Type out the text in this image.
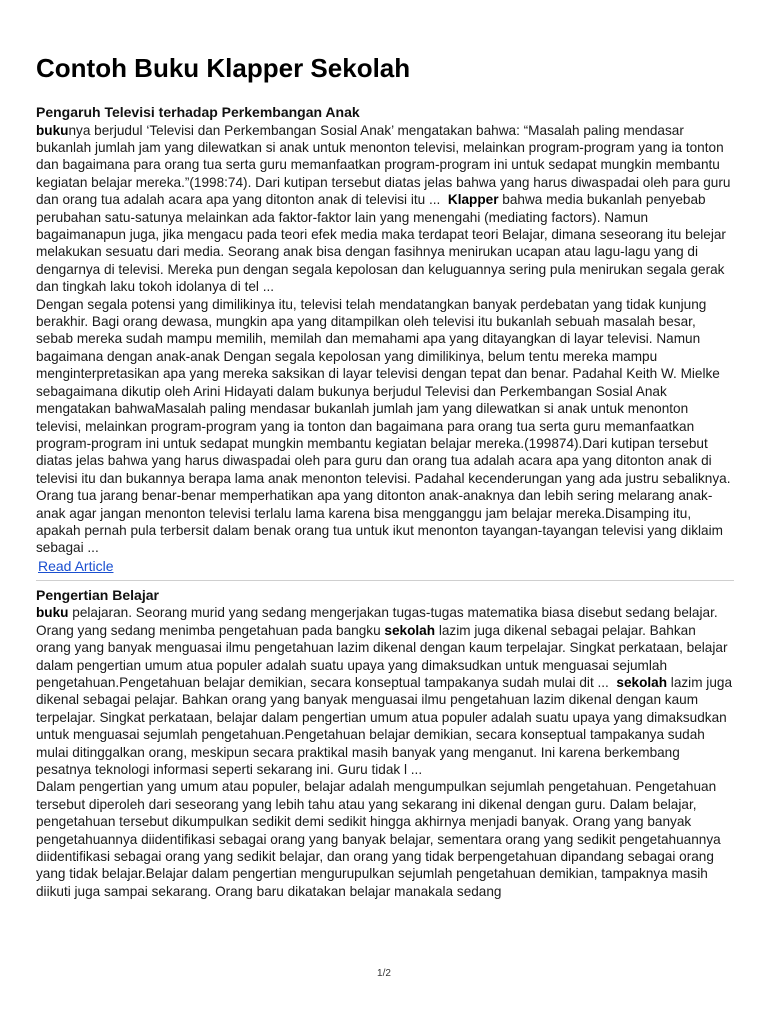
Contoh Buku Klapper Sekolah
Pengaruh Televisi terhadap Perkembangan Anak

bukunya berjudul ‘Televisi dan Perkembangan Sosial Anak’ mengatakan bahwa: “Masalah paling mendasar bukanlah jumlah jam yang dilewatkan si anak untuk menonton televisi, melainkan program-program yang ia tonton dan bagaimana para orang tua serta guru memanfaatkan program-program ini untuk sedapat mungkin membantu kegiatan belajar mereka.”(1998:74). Dari kutipan tersebut diatas jelas bahwa yang harus diwaspadai oleh para guru dan orang tua adalah acara apa yang ditonton anak di televisi itu ... Klapper bahwa media bukanlah penyebab perubahan satu-satunya melainkan ada faktor-faktor lain yang menengahi (mediating factors). Namun bagaimanapun juga, jika mengacu pada teori efek media maka terdapat teori Belajar, dimana seseorang itu belejar melakukan sesuatu dari media. Seorang anak bisa dengan fasihnya menirukan ucapan atau lagu-lagu yang di dengarnya di televisi. Mereka pun dengan segala kepolosan dan keluguannya sering pula menirukan segala gerak dan tingkah laku tokoh idolanya di tel ...

Dengan segala potensi yang dimilikinya itu, televisi telah mendatangkan banyak perdebatan yang tidak kunjung berakhir. Bagi orang dewasa, mungkin apa yang ditampilkan oleh televisi itu bukanlah sebuah masalah besar, sebab mereka sudah mampu memilih, memilah dan memahami apa yang ditayangkan di layar televisi. Namun bagaimana dengan anak-anak Dengan segala kepolosan yang dimilikinya, belum tentu mereka mampu menginterpretasikan apa yang mereka saksikan di layar televisi dengan tepat dan benar. Padahal Keith W. Mielke sebagaimana dikutip oleh Arini Hidayati dalam bukunya berjudul Televisi dan Perkembangan Sosial Anak mengatakan bahwaMasalah paling mendasar bukanlah jumlah jam yang dilewatkan si anak untuk menonton televisi, melainkan program-program yang ia tonton dan bagaimana para orang tua serta guru memanfaatkan program-program ini untuk sedapat mungkin membantu kegiatan belajar mereka.(199874).Dari kutipan tersebut diatas jelas bahwa yang harus diwaspadai oleh para guru dan orang tua adalah acara apa yang ditonton anak di televisi itu dan bukannya berapa lama anak menonton televisi. Padahal kecenderungan yang ada justru sebaliknya. Orang tua jarang benar-benar memperhatikan apa yang ditonton anak-anaknya dan lebih sering melarang anak-anak agar jangan menonton televisi terlalu lama karena bisa mengganggu jam belajar mereka.Disamping itu, apakah pernah pula terbersit dalam benak orang tua untuk ikut menonton tayangan-tayangan televisi yang diklaim sebagai ...

Read Article
Pengertian Belajar

buku pelajaran. Seorang murid yang sedang mengerjakan tugas-tugas matematika biasa disebut sedang belajar. Orang yang sedang menimba pengetahuan pada bangku sekolah lazim juga dikenal sebagai pelajar. Bahkan orang yang banyak menguasai ilmu pengetahuan lazim dikenal dengan kaum terpelajar. Singkat perkataan, belajar dalam pengertian umum atua populer adalah suatu upaya yang dimaksudkan untuk menguasai sejumlah pengetahuan.Pengetahuan belajar demikian, secara konseptual tampakanya sudah mulai dit ... sekolah lazim juga dikenal sebagai pelajar. Bahkan orang yang banyak menguasai ilmu pengetahuan lazim dikenal dengan kaum terpelajar. Singkat perkataan, belajar dalam pengertian umum atua populer adalah suatu upaya yang dimaksudkan untuk menguasai sejumlah pengetahuan.Pengetahuan belajar demikian, secara konseptual tampakanya sudah mulai ditinggalkan orang, meskipun secara praktikal masih banyak yang menganut. Ini karena berkembang pesatnya teknologi informasi seperti sekarang ini. Guru tidak l ...

Dalam pengertian yang umum atau populer, belajar adalah mengumpulkan sejumlah pengetahuan. Pengetahuan tersebut diperoleh dari seseorang yang lebih tahu atau yang sekarang ini dikenal dengan guru. Dalam belajar, pengetahuan tersebut dikumpulkan sedikit demi sedikit hingga akhirnya menjadi banyak. Orang yang banyak pengetahuannya diidentifikasi sebagai orang yang banyak belajar, sementara orang yang sedikit pengetahuannya diidentifikasi sebagai orang yang sedikit belajar, dan orang yang tidak berpengetahuan dipandang sebagai orang yang tidak belajar.Belajar dalam pengertian mengurupulkan sejumlah pengetahuan demikian, tampaknya masih diikuti juga sampai sekarang. Orang baru dikatakan belajar manakala sedang

1/2
